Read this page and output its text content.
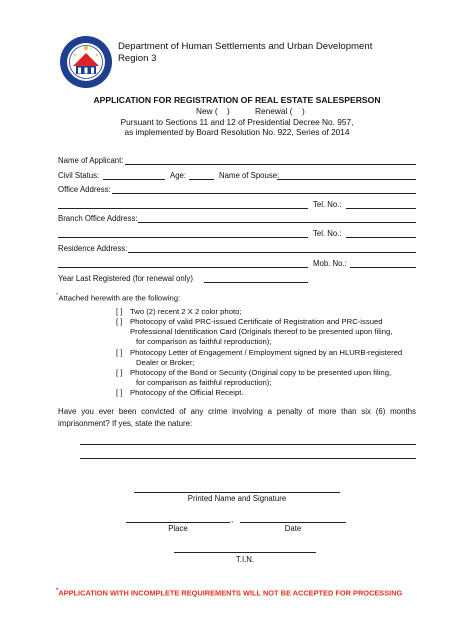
Department of Human Settlements and Urban Development
Region 3
APPLICATION FOR REGISTRATION OF REAL ESTATE SALESPERSON
New ( )	Renewal ( )
Pursuant to Sections 11 and 12 of Presidential Decree No. 957,
as implemented by Board Resolution No. 922, Series of 2014
Name of Applicant:
Civil Status:	Age:	Name of Spouse:
Office Address:
Tel. No.:
Branch Office Address:
Tel. No.:
Residence Address:
Mob. No.:
Year Last Registered (for renewal only)
*Attached herewith are the following:
[ ] Two (2) recent 2 X 2 color photo;
[ ] Photocopy of valid PRC-issued Certificate of Registration and PRC-issued
Professional Identification Card (Originals thereof to be presented upon filing,
for comparison as faithful reproduction);
[ ] Photocopy Letter of Engagement / Employment signed by an HLURB-registered
Dealer or Broker;
[ ] Photocopy of the Bond or Security (Original copy to be presented upon filing,
for comparison as faithful reproduction);
[ ] Photocopy of the Official Receipt.
Have you ever been convicted of any crime involving a penalty of more than six (6) months imprisonment? If yes, state the nature:
Printed Name and Signature
,
Place	Date
T.I.N.
*APPLICATION WITH INCOMPLETE REQUIREMENTS WILL NOT BE ACCEPTED FOR PROCESSING
